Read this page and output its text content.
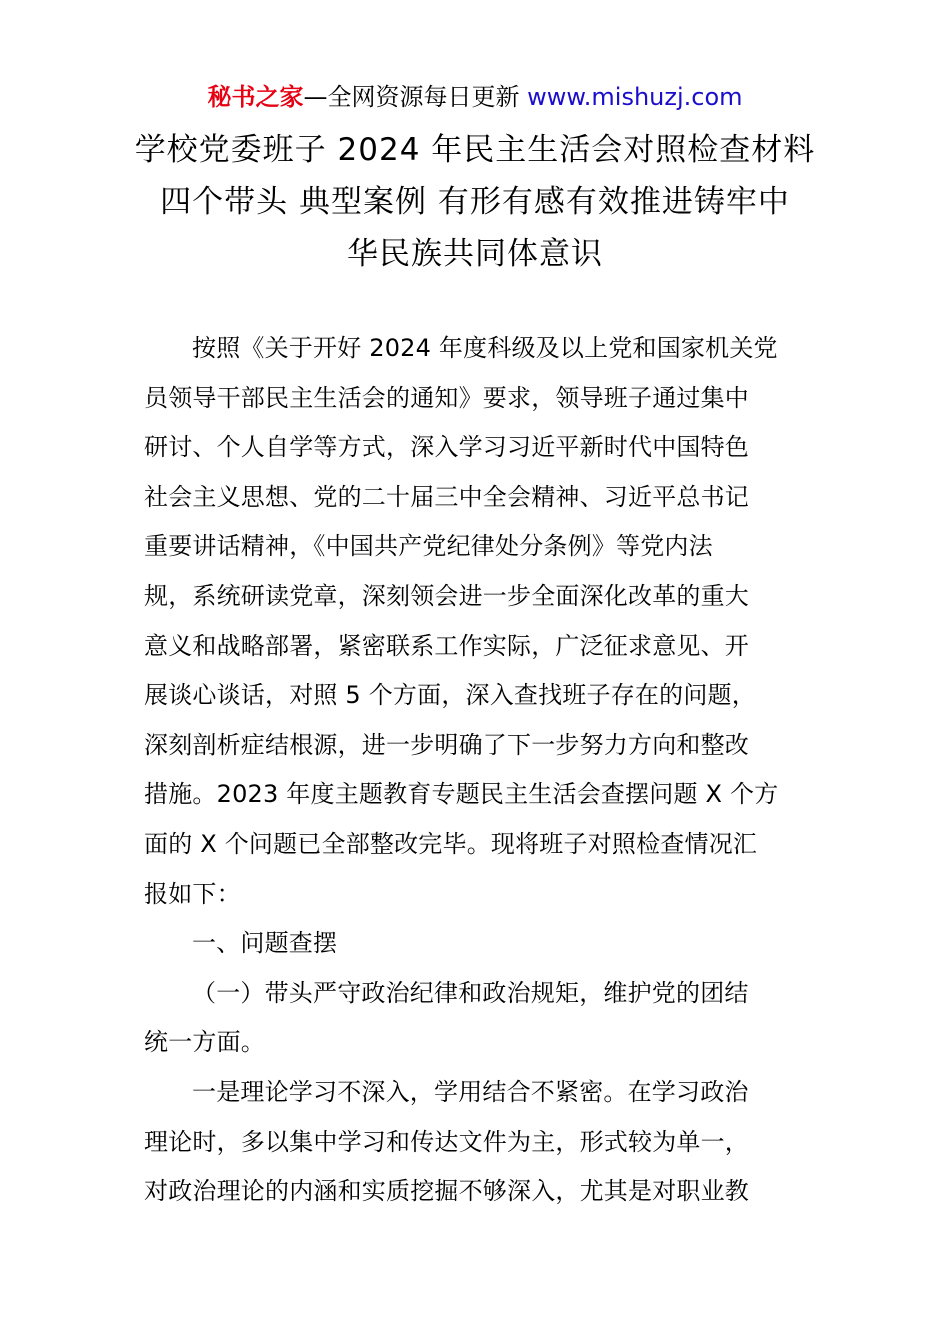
秘书之家—全网资源每日更新 www.mishuzj.com
学校党委班子 2024 年民主生活会对照检查材料
四个带头 典型案例 有形有感有效推进铸牢中
华民族共同体意识
按照《关于开好 2024 年度科级及以上党和国家机关党
员领导干部民主生活会的通知》要求，领导班子通过集中
研讨、个人自学等方式，深入学习习近平新时代中国特色
社会主义思想、党的二十届三中全会精神、习近平总书记
重要讲话精神，《中国共产党纪律处分条例》等党内法
规，系统研读党章，深刻领会进一步全面深化改革的重大
意义和战略部署，紧密联系工作实际，广泛征求意见、开
展谈心谈话，对照 5 个方面，深入查找班子存在的问题，
深刻剖析症结根源，进一步明确了下一步努力方向和整改
措施。2023 年度主题教育专题民主生活会查摆问题 X 个方
面的 X 个问题已全部整改完毕。现将班子对照检查情况汇
报如下：
一、问题查摆
（一）带头严守政治纪律和政治规矩，维护党的团结
统一方面。
一是理论学习不深入，学用结合不紧密。在学习政治
理论时，多以集中学习和传达文件为主，形式较为单一，
对政治理论的内涵和实质挖掘不够深入，尤其是对职业教
